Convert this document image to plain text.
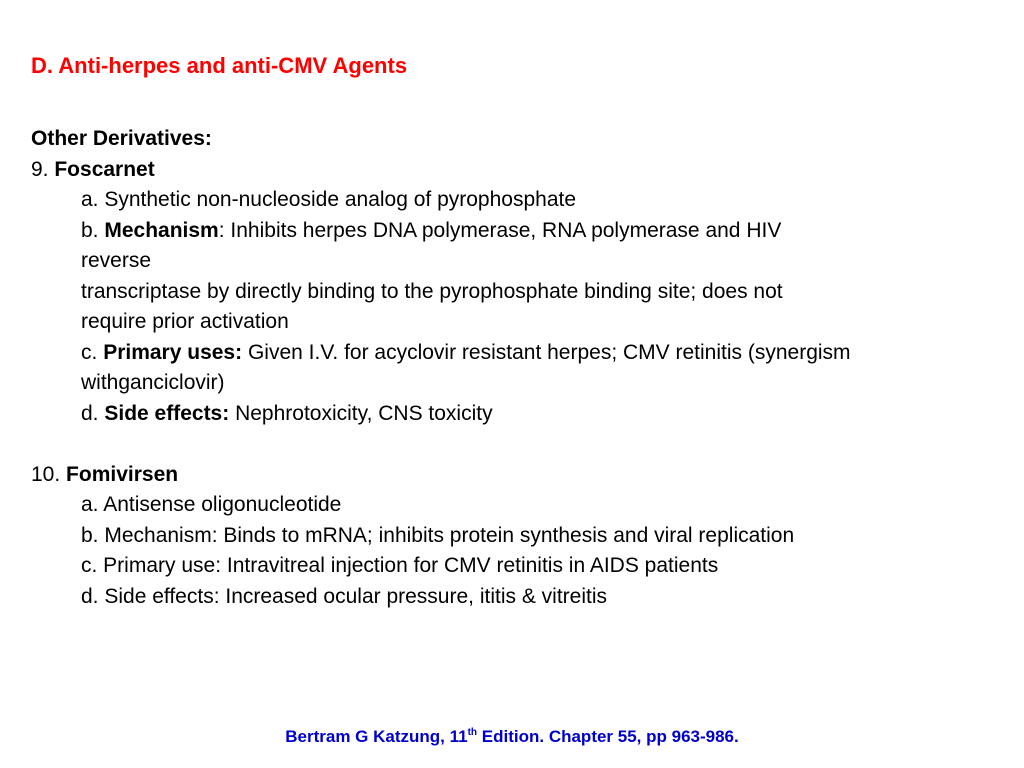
D. Anti-herpes and anti-CMV Agents
Other Derivatives:
9. Foscarnet
a. Synthetic non-nucleoside analog of pyrophosphate
b. Mechanism: Inhibits herpes DNA polymerase, RNA polymerase and HIV
reverse
transcriptase by directly binding to the pyrophosphate binding site; does not
require prior activation
c. Primary uses: Given I.V. for acyclovir resistant herpes; CMV retinitis (synergism
withganciclovir)
d. Side effects: Nephrotoxicity, CNS toxicity
10. Fomivirsen
a. Antisense oligonucleotide
b. Mechanism: Binds to mRNA; inhibits protein synthesis and viral replication
c. Primary use: Intravitreal injection for CMV retinitis in AIDS patients
d. Side effects: Increased ocular pressure, ititis & vitreitis
Bertram G Katzung, 11th Edition. Chapter 55, pp 963-986.
